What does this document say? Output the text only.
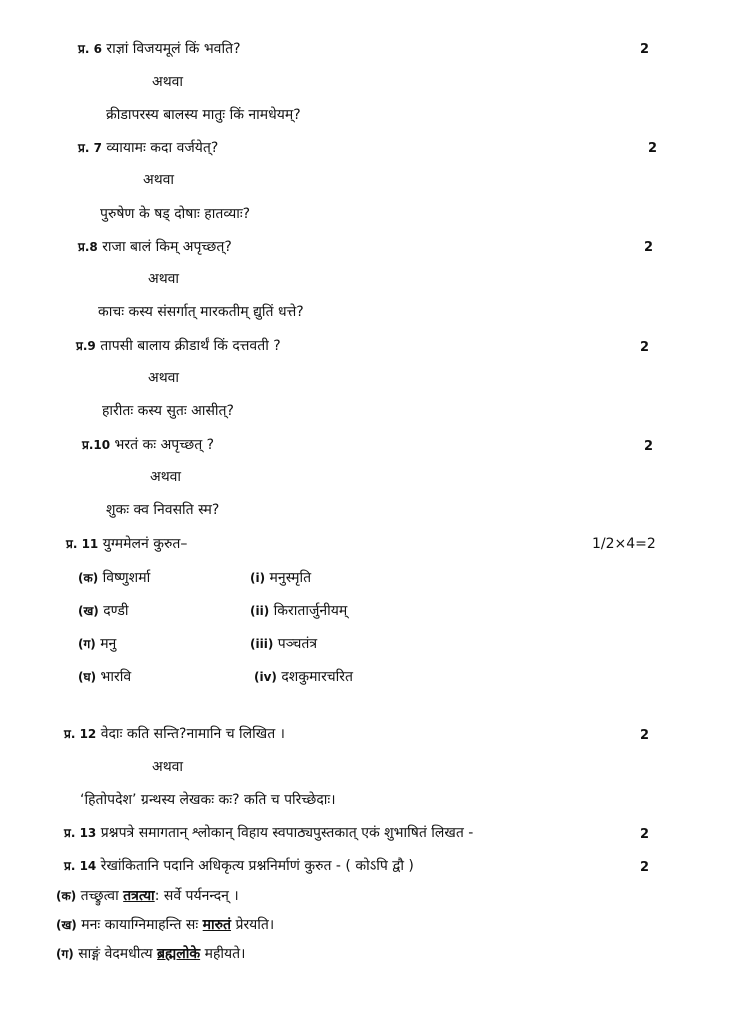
प्र. 6 राज्ञां विजयमूलं किं भवति?	2
अथवा
क्रीडापरस्य बालस्य मातुः किं नामधेयम्?
प्र. 7 व्यायामः कदा वर्जयेत्?	2
अथवा
पुरुषेण के षड् दोषाः हातव्याः?
प्र.8 राजा बालं किम् अपृच्छत्?	2
अथवा
काचः कस्य संसर्गात् मारकतीम् द्युतिं धत्ते?
प्र.9 तापसी बालाय क्रीडार्थं किं दत्तवती ?	2
अथवा
हारीतः कस्य सुतः आसीत्?
प्र.10 भरतं कः अपृच्छत् ?	2
अथवा
शुकः क्व निवसति स्म?
प्र. 11 युग्ममेलनं कुरुत–	1/2×4=2
(क) विष्णुशर्मा	(i) मनुस्मृति
(ख) दण्डी	(ii) किरातार्जुनीयम्
(ग) मनु	(iii) पञ्चतंत्र
(घ) भारवि	(iv) दशकुमारचरित
प्र. 12 वेदाः कति सन्ति?नामानि च लिखित ।	2
अथवा
‘हितोपदेश’ ग्रन्थस्य लेखकः कः? कति च परिच्छेदाः।
प्र. 13 प्रश्नपत्रे समागतान् श्लोकान् विहाय स्वपाठ्यपुस्तकात् एकं शुभाषितं लिखत -	2
प्र. 14 रेखांकितानि पदानि अधिकृत्य प्रश्ननिर्माणं कुरुत - ( कोऽपि द्वौ )	2
(क) तच्छ्रुत्वा तत्रत्या: सर्वे पर्यनन्दन् ।
(ख) मनः कायाग्निमाहन्ति सः मारुतं प्रेरयति।
(ग) साङ्गं वेदमधीत्य ब्रह्मलोके महीयते।
